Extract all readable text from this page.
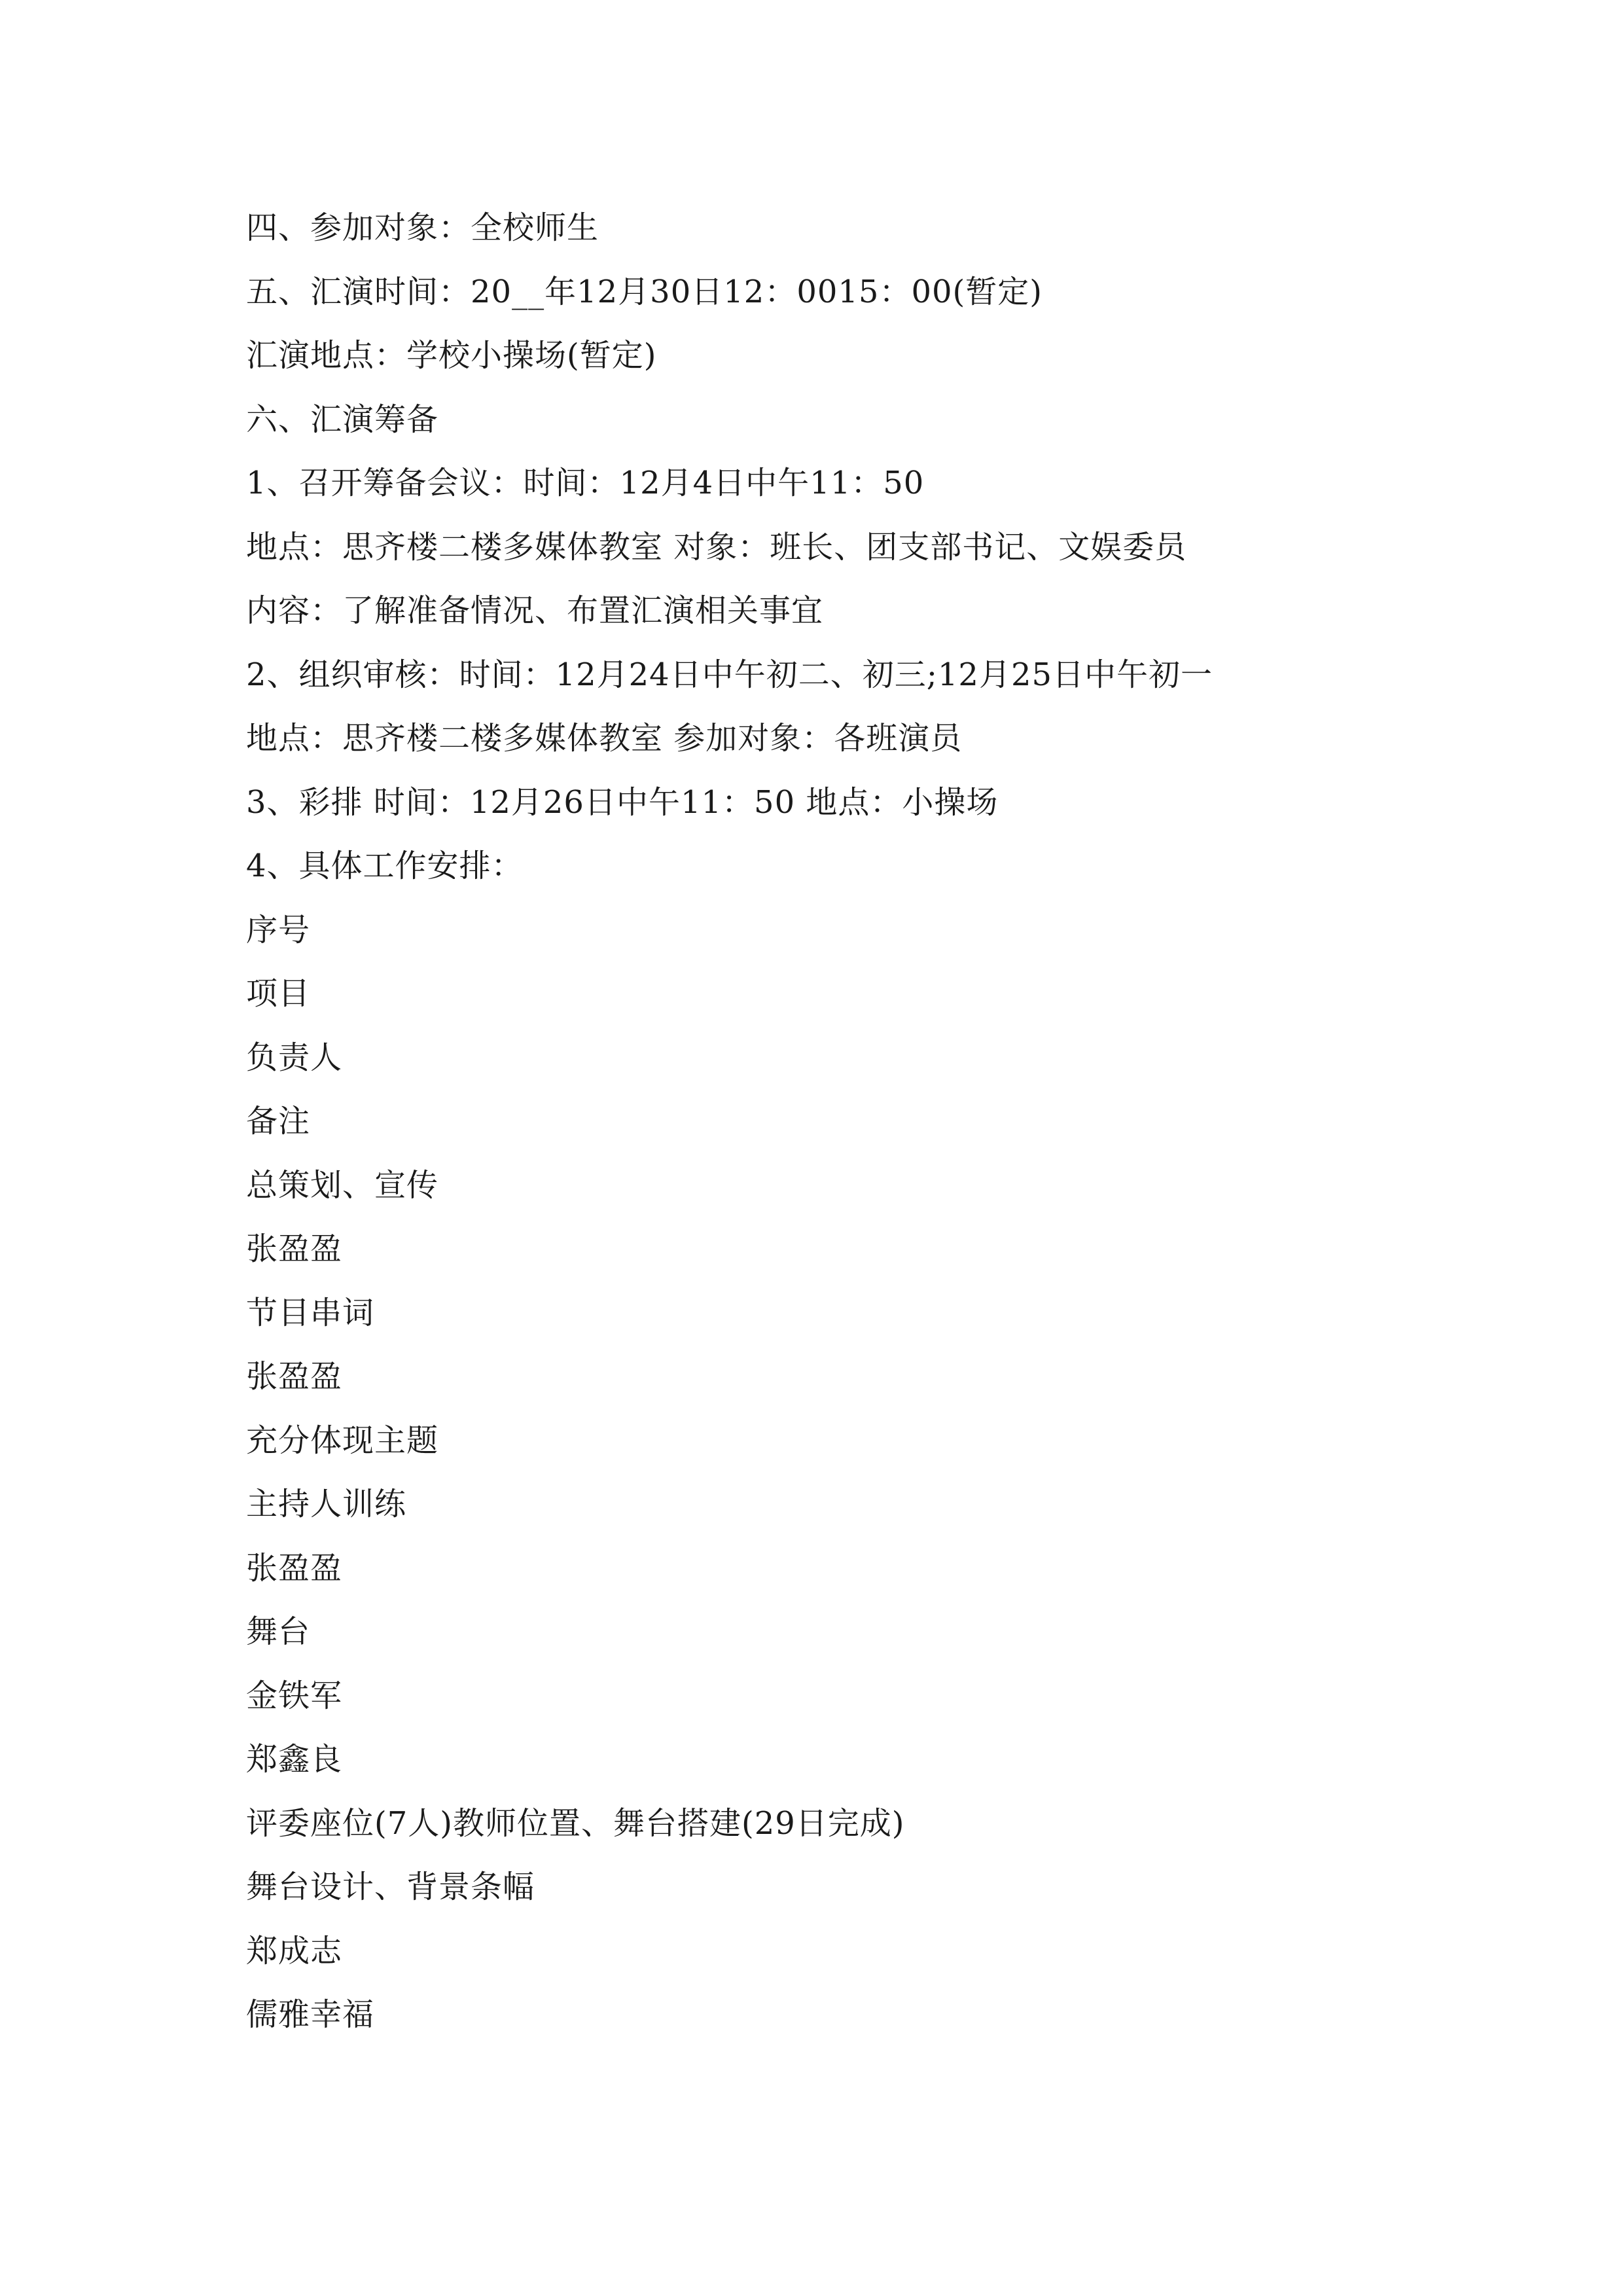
四、参加对象：全校师生
五、汇演时间：20__年12月30日12：0015：00(暂定)
汇演地点：学校小操场(暂定)
六、汇演筹备
1、召开筹备会议：时间：12月4日中午11：50
地点：思齐楼二楼多媒体教室 对象：班长、团支部书记、文娱委员
内容：了解准备情况、布置汇演相关事宜
2、组织审核：时间：12月24日中午初二、初三;12月25日中午初一
地点：思齐楼二楼多媒体教室 参加对象：各班演员
3、彩排 时间：12月26日中午11：50 地点：小操场
4、具体工作安排：
序号
项目
负责人
备注
总策划、宣传
张盈盈
节目串词
张盈盈
充分体现主题
主持人训练
张盈盈
舞台
金铁军
郑鑫良
评委座位(7人)教师位置、舞台搭建(29日完成)
舞台设计、背景条幅
郑成志
儒雅幸福
